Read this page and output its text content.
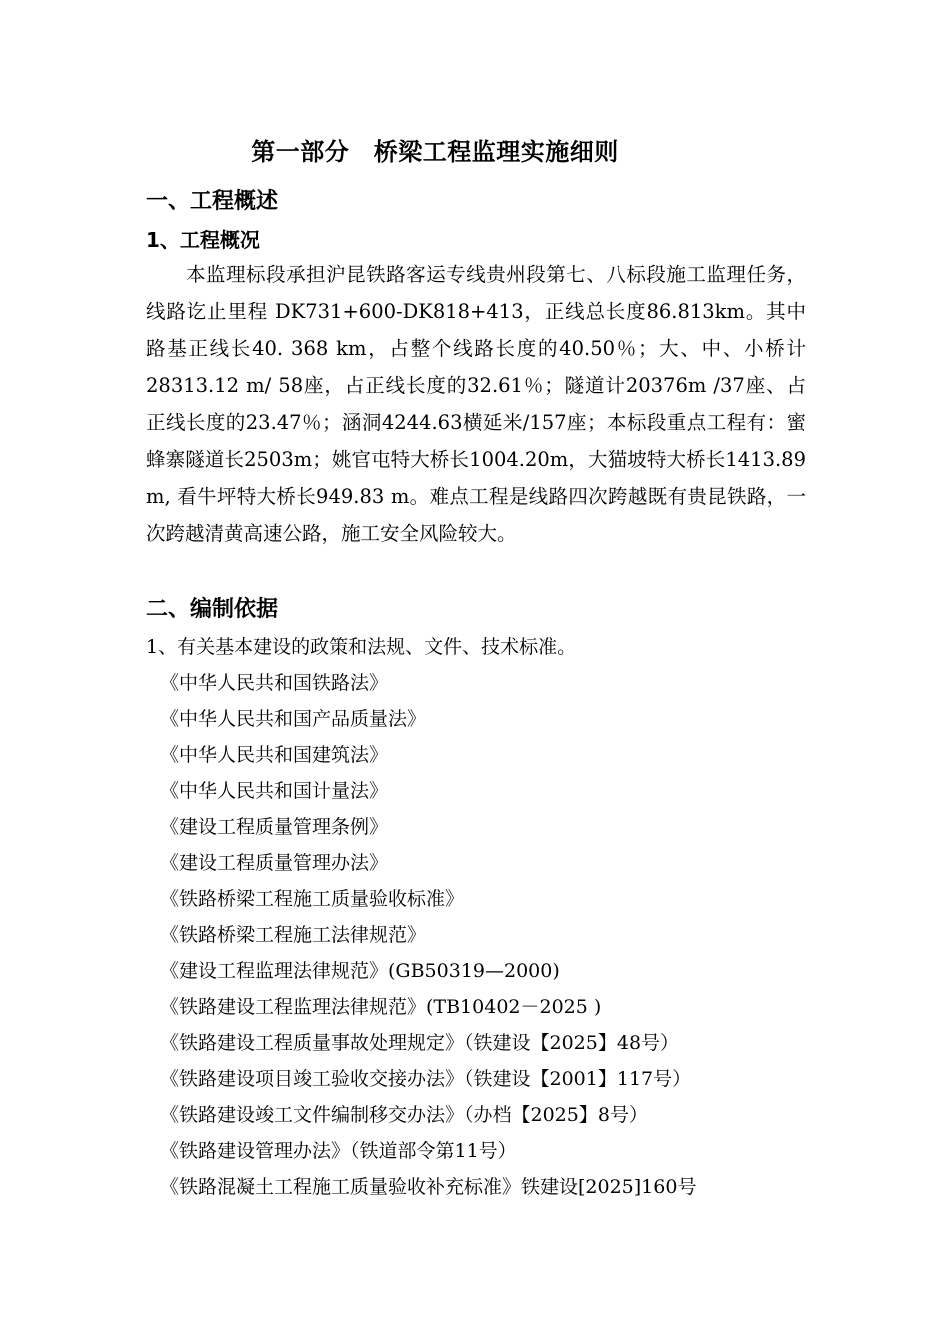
第一部分　桥梁工程监理实施细则
一、工程概述
1、工程概况
本监理标段承担沪昆铁路客运专线贵州段第七、八标段施工监理任务，线路讫止里程 DK731+600-DK818+413，正线总长度86.813km。其中路基正线长40. 368 km，占整个线路长度的40.50％；大、中、小桥计28313.12 m/ 58座，占正线长度的32.61％；隧道计20376m /37座、占正线长度的23.47％；涵洞4244.63横延米/157座；本标段重点工程有：蜜蜂寨隧道长2503m；姚官屯特大桥长1004.20m，大猫坡特大桥长1413.89 m, 看牛坪特大桥长949.83 m。难点工程是线路四次跨越既有贵昆铁路，一次跨越清黄高速公路，施工安全风险较大。
二、编制依据
1、有关基本建设的政策和法规、文件、技术标准。
《中华人民共和国铁路法》
《中华人民共和国产品质量法》
《中华人民共和国建筑法》
《中华人民共和国计量法》
《建设工程质量管理条例》
《建设工程质量管理办法》
《铁路桥梁工程施工质量验收标准》
《铁路桥梁工程施工法律规范》
《建设工程监理法律规范》(GB50319—2000)
《铁路建设工程监理法律规范》(TB10402－2025 )
《铁路建设工程质量事故处理规定》（铁建设【2025】48号）
《铁路建设项目竣工验收交接办法》（铁建设【2001】117号）
《铁路建设竣工文件编制移交办法》（办档【2025】8号）
《铁路建设管理办法》（铁道部令第11号）
《铁路混凝土工程施工质量验收补充标准》铁建设[2025]160号
